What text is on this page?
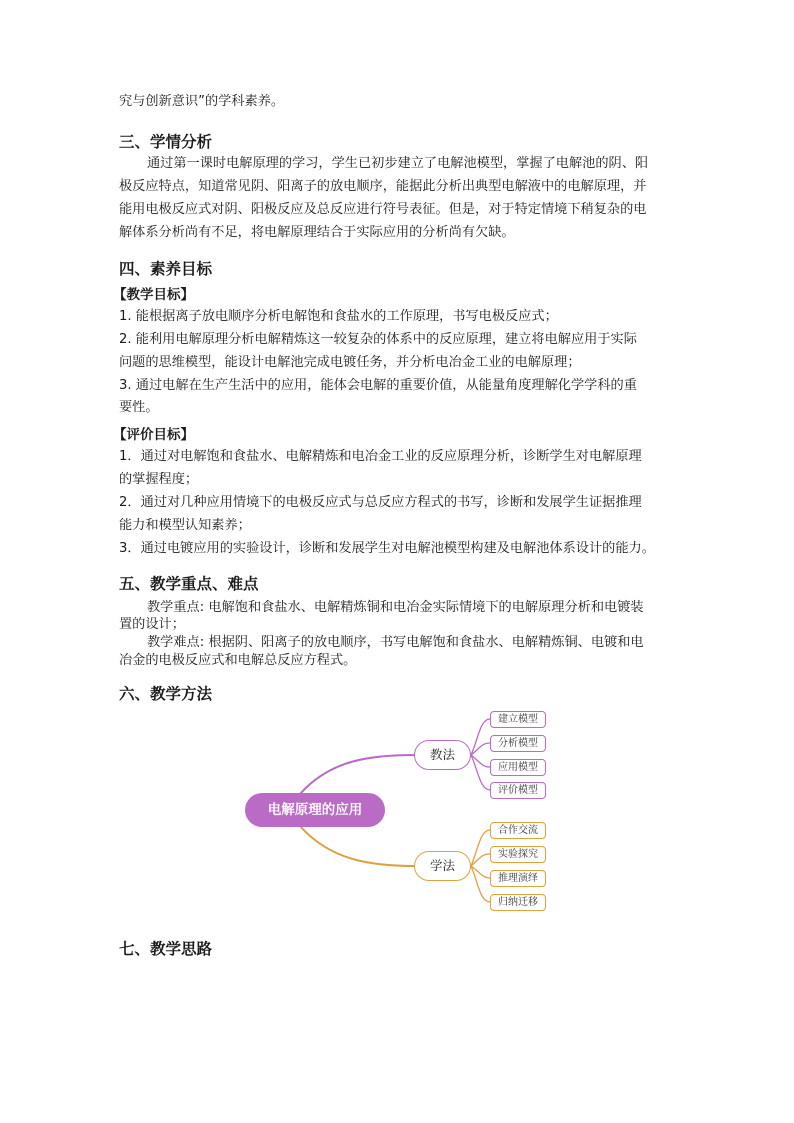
究与创新意识”的学科素养。
三、学情分析
通过第一课时电解原理的学习，学生已初步建立了电解池模型，掌握了电解池的阴、阳
极反应特点，知道常见阴、阳离子的放电顺序，能据此分析出典型电解液中的电解原理，并
能用电极反应式对阴、阳极反应及总反应进行符号表征。但是，对于特定情境下稍复杂的电
解体系分析尚有不足，将电解原理结合于实际应用的分析尚有欠缺。
四、素养目标
【教学目标】
1. 能根据离子放电顺序分析电解饱和食盐水的工作原理，书写电极反应式；
2. 能利用电解原理分析电解精炼这一较复杂的体系中的反应原理，建立将电解应用于实际
问题的思维模型，能设计电解池完成电镀任务，并分析电冶金工业的电解原理；
3. 通过电解在生产生活中的应用，能体会电解的重要价值，从能量角度理解化学学科的重
要性。
【评价目标】
1．通过对电解饱和食盐水、电解精炼和电冶金工业的反应原理分析，诊断学生对电解原理
的掌握程度；
2．通过对几种应用情境下的电极反应式与总反应方程式的书写，诊断和发展学生证据推理
能力和模型认知素养；
3．通过电镀应用的实验设计，诊断和发展学生对电解池模型构建及电解池体系设计的能力。
五、教学重点、难点
教学重点: 电解饱和食盐水、电解精炼铜和电冶金实际情境下的电解原理分析和电镀装
置的设计；
教学难点: 根据阴、阳离子的放电顺序，书写电解饱和食盐水、电解精炼铜、电镀和电
冶金的电极反应式和电解总反应方程式。
六、教学方法
电解原理的应用
教法
学法
建立模型
分析模型
应用模型
评价模型
合作交流
实验探究
推理演绎
归纳迁移
七、教学思路
